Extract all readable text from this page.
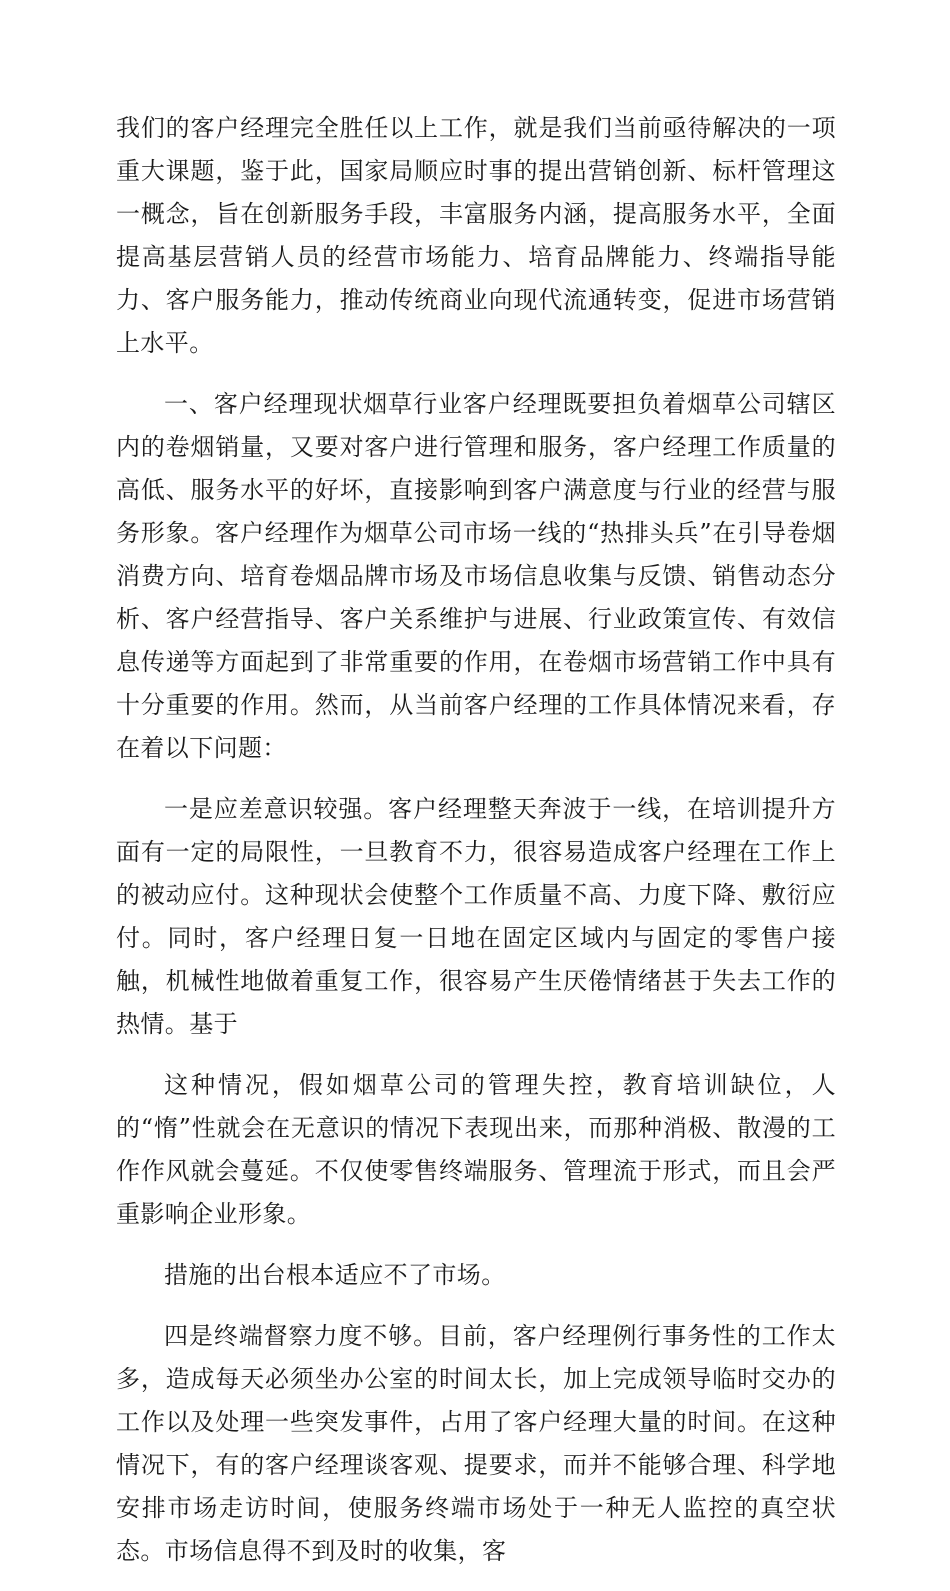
我们的客户经理完全胜任以上工作，就是我们当前亟待解决的一项重大课题，鉴于此，国家局顺应时事的提出营销创新、标杆管理这一概念，旨在创新服务手段，丰富服务内涵，提高服务水平，全面提高基层营销人员的经营市场能力、培育品牌能力、终端指导能力、客户服务能力，推动传统商业向现代流通转变，促进市场营销上水平。

一、客户经理现状烟草行业客户经理既要担负着烟草公司辖区内的卷烟销量，又要对客户进行管理和服务，客户经理工作质量的高低、服务水平的好坏，直接影响到客户满意度与行业的经营与服务形象。客户经理作为烟草公司市场一线的“热排头兵”在引导卷烟消费方向、培育卷烟品牌市场及市场信息收集与反馈、销售动态分析、客户经营指导、客户关系维护与进展、行业政策宣传、有效信息传递等方面起到了非常重要的作用，在卷烟市场营销工作中具有十分重要的作用。然而，从当前客户经理的工作具体情况来看，存在着以下问题：

一是应差意识较强。客户经理整天奔波于一线，在培训提升方面有一定的局限性，一旦教育不力，很容易造成客户经理在工作上的被动应付。这种现状会使整个工作质量不高、力度下降、敷衍应付。同时，客户经理日复一日地在固定区域内与固定的零售户接触，机械性地做着重复工作，很容易产生厌倦情绪甚于失去工作的热情。基于

这种情况，假如烟草公司的管理失控，教育培训缺位，人的“惰”性就会在无意识的情况下表现出来，而那种消极、散漫的工作作风就会蔓延。不仅使零售终端服务、管理流于形式，而且会严重影响企业形象。

措施的出台根本适应不了市场。

四是终端督察力度不够。目前，客户经理例行事务性的工作太多，造成每天必须坐办公室的时间太长，加上完成领导临时交办的工作以及处理一些突发事件，占用了客户经理大量的时间。在这种情况下，有的客户经理谈客观、提要求，而并不能够合理、科学地安排市场走访时间，使服务终端市场处于一种无人监控的真空状态。市场信息得不到及时的收集，客
